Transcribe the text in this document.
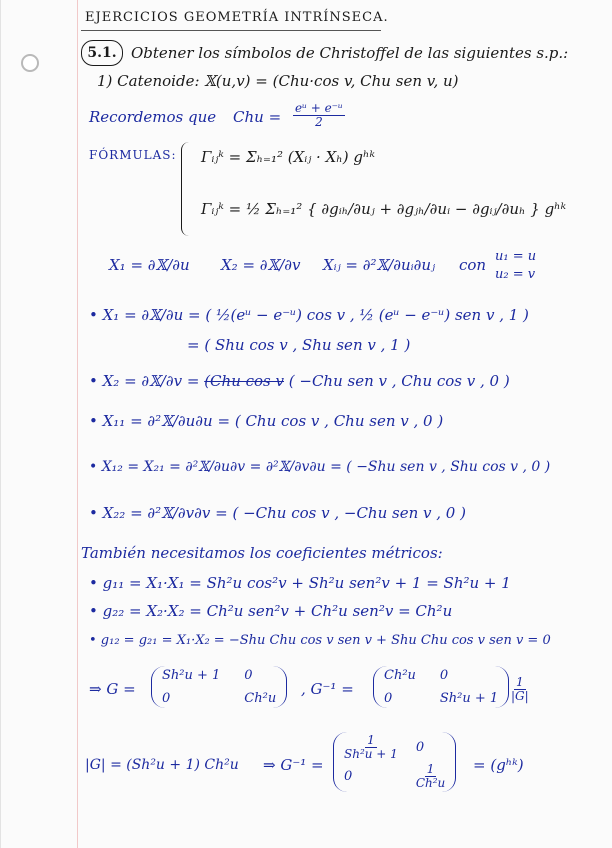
EJERCICIOS GEOMETRÍA INTRÍNSECA.
5.1. Obtener los símbolos de Christoffel de las siguientes s.p.:
1) Catenoide: 𝕏(u,v) = (Chu·cos v, Chu sen v, u)
Recordemos que Chu = $\frac{\text{eᵘ + e⁻ᵘ}}{2}$
FÓRMULAS: Γᵢⱼᵏ = Σₕ₌₁² (Xᵢⱼ · Xₕ) gʰᵏ
Γᵢⱼᵏ = ½ Σₕ₌₁² { ∂gᵢₕ/∂uⱼ + ∂gⱼₕ/∂uᵢ − ∂gᵢⱼ/∂uₕ } gʰᵏ
X₁ = ∂𝕏/∂u X₂ = ∂𝕏/∂v Xᵢⱼ = ∂²𝕏/∂uᵢ∂uⱼ con u₁ = u
u₂ = v
• X₁ = ∂𝕏/∂u = ( ½(eᵘ − e⁻ᵘ) cos v , ½ (eᵘ − e⁻ᵘ) sen v , 1 )
= ( Shu cos v , Shu sen v , 1 )
• X₂ = ∂𝕏/∂v = (Chu cos v ( −Chu sen v , Chu cos v , 0 )
• X₁₁ = ∂²𝕏/∂u∂u = ( Chu cos v , Chu sen v , 0 )
• X₁₂ = X₂₁ = ∂²𝕏/∂u∂v = ∂²𝕏/∂v∂u = ( −Shu sen v , Shu cos v , 0 )
• X₂₂ = ∂²𝕏/∂v∂v = ( −Chu cos v , −Chu sen v , 0 )
También necesitamos los coeficientes métricos:
• g₁₁ = X₁·X₁ = Sh²u cos²v + Sh²u sen²v + 1 = Sh²u + 1
• g₂₂ = X₂·X₂ = Ch²u sen²v + Ch²u sen²v = Ch²u
• g₁₂ = g₂₁ = X₁·X₂ = −Shu Chu cos v sen v + Shu Chu cos v sen v = 0
⇒ G =
Sh²u + 1 0
0	Ch²u
, G⁻¹ =
Ch²u 0
0	$Sh^2u + 1 \frac{1}{|G|}$
|G| = (Sh²u + 1) Ch²u ⇒ G⁻¹ =
$\frac{1}{\text{Sh²u + 1}} 0$
0	$\frac{1}{\text{Ch²u}}$ = (gʰᵏ)
